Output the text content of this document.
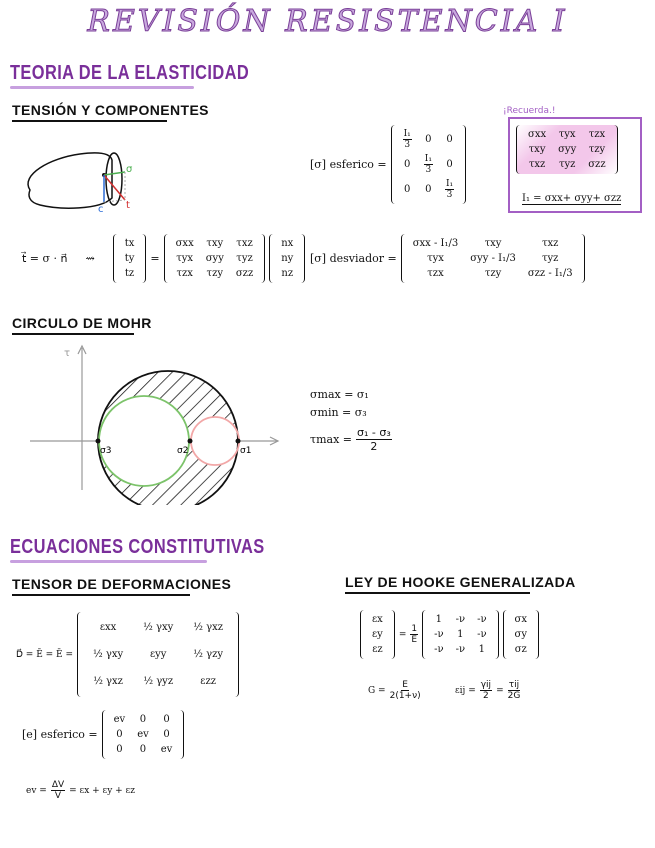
REVISIÓN RESISTENCIA I
TEORIA DE LA ELASTICIDAD
TENSIÓN Y COMPONENTES
σ
c t
[σ] esferico =
$\frac{\text{I₁}}{3}$	0	0
0	$\frac{\text{I₁}}{3}$	0
0	0	$\frac{\text{I₁}}{3}$
¡Recuerda.!
σxx	τyx	τzx
τxy	σyy	τzy
τxz	τyz	σzz
I₁ = σxx+ σyy+ σzz
t⃗ = σ · n⃗ ⇝
tx
ty
tz
=
σxx	τxy	τxz
τyx	σyy	τyz
τzx	τzy	σzz
nx
ny
nz
[σ] desviador =
σxx - I₁/3	τxy	τxz
τyx	σyy - I₁/3	τyz
τzx	τzy	σzz - I₁/3
CIRCULO DE MOHR
τ
σ3	σ2	σ1
σmax = σ₁
σmin = σ₃
$\tau\max = \frac{\text{σ₁ - σ₃}}{2}$
ECUACIONES CONSTITUTIVAS
TENSOR DE DEFORMACIONES	LEY DE HOOKE GENERALIZADA
D⃗ = Ē = Ē =
εxx	½ γxy	½ γxz
½ γxy	εyy	½ γzy
½ γxz	½ γyz	εzz
[e] esferico =
ev	0	0
0	ev	0
0	0	ev
ev = $\frac{\Delta V}{V} = \varepsilon x + \varepsilon y + \varepsilon z$
εx
εy
εz
= $\frac{1}{E}$
1	-ν	-ν
-ν	1	-ν
-ν	-ν	1
σx
σy
σz
$G = \frac{E}{2(1+\nu)}$	$\varepsilon ij = \frac{\text{γij}}{2} = \frac{\text{τij}}{2G}$
